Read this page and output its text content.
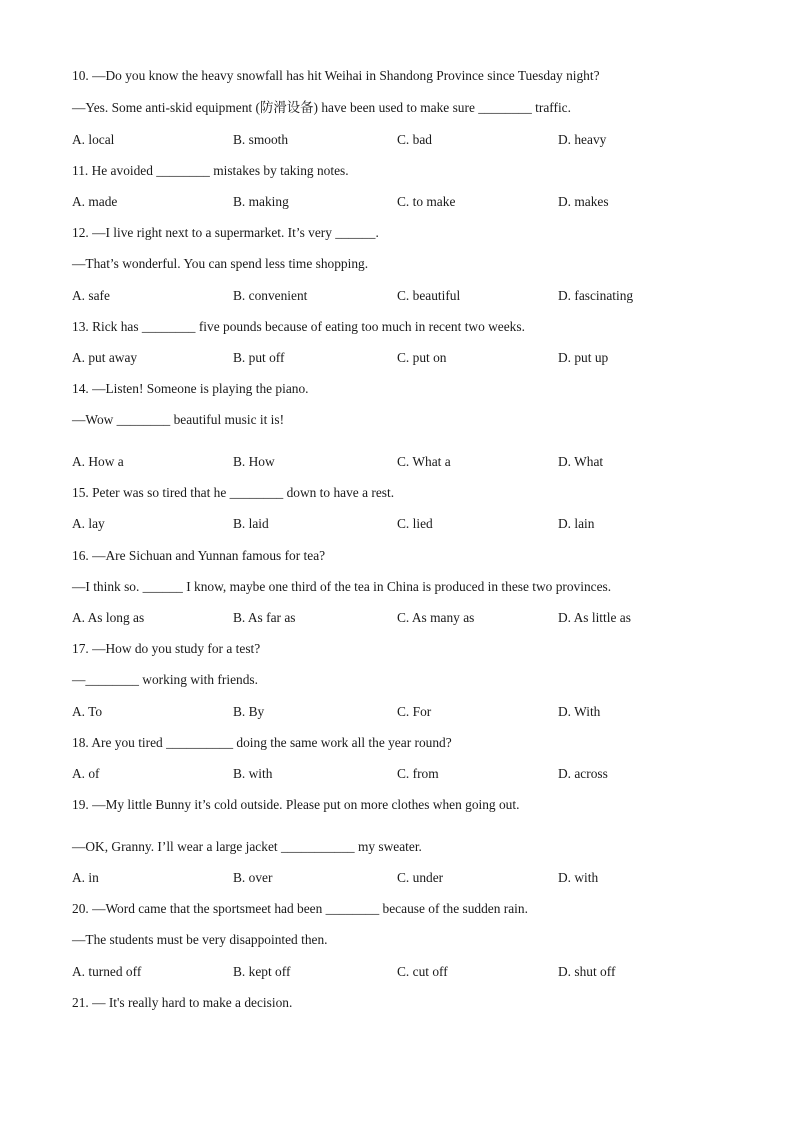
10. —Do you know the heavy snowfall has hit Weihai in Shandong Province since Tuesday night?
—Yes. Some anti-skid equipment (防滑设备) have been used to make sure ________ traffic.
A. local	B. smooth	C. bad	D. heavy
11. He avoided ________ mistakes by taking notes.
A. made	B. making	C. to make	D. makes
12. —I live right next to a supermarket. It’s very ______.
—That’s wonderful. You can spend less time shopping.
A. safe	B. convenient	C. beautiful	D. fascinating
13. Rick has ________ five pounds because of eating too much in recent two weeks.
A. put away	B. put off	C. put on	D. put up
14. —Listen! Someone is playing the piano.
—Wow ________ beautiful music it is!
A. How a	B. How	C. What a	D. What
15. Peter was so tired that he ________ down to have a rest.
A. lay	B. laid	C. lied	D. lain
16. —Are Sichuan and Yunnan famous for tea?
—I think so. ______ I know, maybe one third of the tea in China is produced in these two provinces.
A. As long as	B. As far as	C. As many as	D. As little as
17. —How do you study for a test?
—________ working with friends.
A. To	B. By	C. For	D. With
18. Are you tired __________ doing the same work all the year round?
A. of	B. with	C. from	D. across
19. —My little Bunny it’s cold outside. Please put on more clothes when going out.
—OK, Granny. I’ll wear a large jacket ___________ my sweater.
A. in	B. over	C. under	D. with
20. —Word came that the sportsmeet had been ________ because of the sudden rain.
—The students must be very disappointed then.
A. turned off	B. kept off	C. cut off	D. shut off
21. — It's really hard to make a decision.
